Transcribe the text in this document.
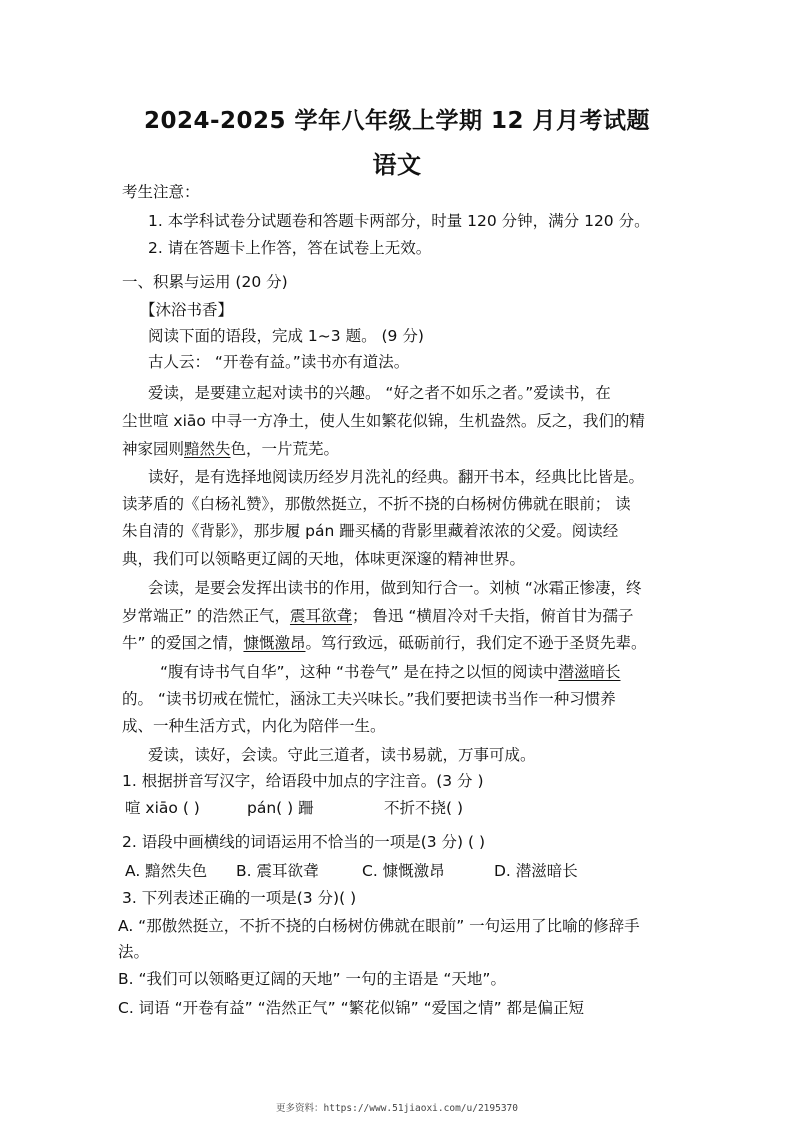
2024-2025 学年八年级上学期 12 月月考试题
语文
考生注意：
1. 本学科试卷分试题卷和答题卡两部分，时量 120 分钟，满分 120 分。
2. 请在答题卡上作答，答在试卷上无效。
一、积累与运用 (20 分)
【沐浴书香】
阅读下面的语段，完成 1~3 题。 (9 分)
古人云： “开卷有益。”读书亦有道法。
爱读，是要建立起对读书的兴趣。 “好之者不如乐之者。”爱读书，在
尘世喧 xiāo 中寻一方净土，使人生如繁花似锦，生机盎然。反之，我们的精
神家园则黯然失色，一片荒芜。
读好，是有选择地阅读历经岁月洗礼的经典。翻开书本，经典比比皆是。
读茅盾的《白杨礼赞》，那傲然挺立，不折不挠的白杨树仿佛就在眼前； 读
朱自清的《背影》，那步履 pán 跚买橘的背影里藏着浓浓的父爱。阅读经
典，我们可以领略更辽阔的天地，体味更深邃的精神世界。
会读，是要会发挥出读书的作用，做到知行合一。刘桢 “冰霜正惨凄，终
岁常端正” 的浩然正气，震耳欲聋； 鲁迅 “横眉冷对千夫指，俯首甘为孺子
牛” 的爱国之情，慷慨激昂。笃行致远，砥砺前行，我们定不逊于圣贤先辈。
“腹有诗书气自华”，这种 “书卷气” 是在持之以恒的阅读中潜滋暗长
的。 “读书切戒在慌忙，涵泳工夫兴味长。”我们要把读书当作一种习惯养
成、一种生活方式，内化为陪伴一生。
爱读，读好，会读。守此三道者，读书易就，万事可成。
1. 根据拼音写汉字，给语段中加点的字注音。(3 分 )
喧 xiāo ( )	pán( ) 跚	不折不挠( )
2. 语段中画横线的词语运用不恰当的一项是(3 分) ( )
A. 黯然失色 B. 震耳欲聋	C. 慷慨激昂	D. 潜滋暗长
3. 下列表述正确的一项是(3 分)( )
A. “那傲然挺立，不折不挠的白杨树仿佛就在眼前” 一句运用了比喻的修辞手
法。
B. “我们可以领略更辽阔的天地” 一句的主语是 “天地”。
C. 词语 “开卷有益” “浩然正气” “繁花似锦” “爱国之情” 都是偏正短
更多资料：https://www.51jiaoxi.com/u/2195370
